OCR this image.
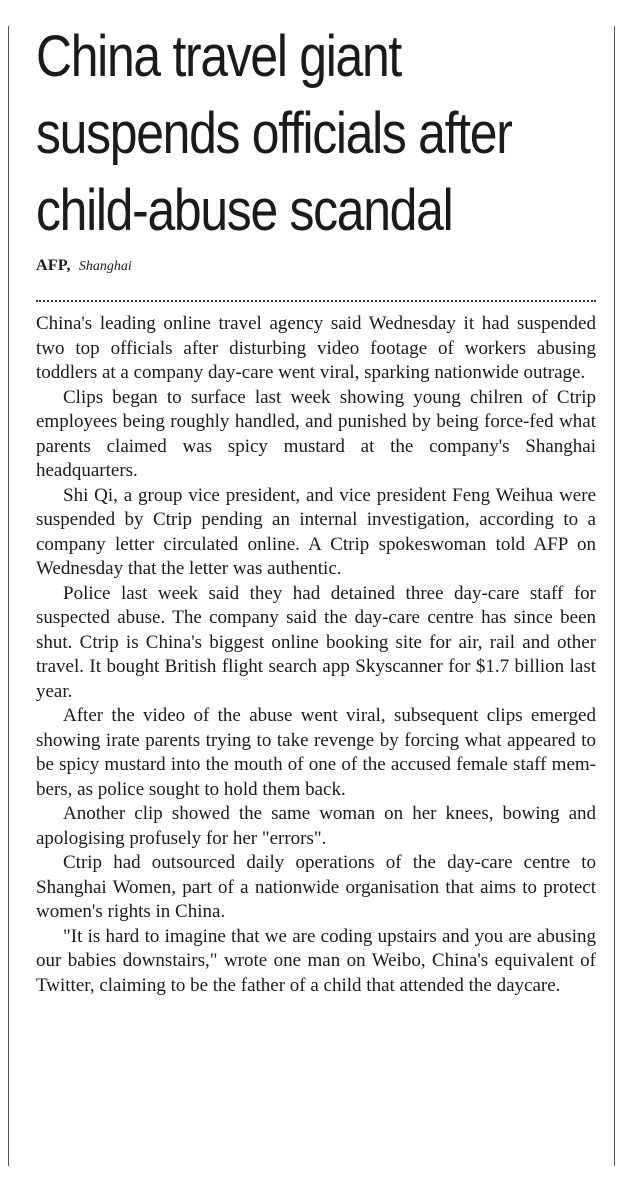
China travel giant
suspends officials after
child-abuse scandal
AFP, Shanghai

China's leading online travel agency said Wednesday it had suspended two top officials after disturbing video footage of workers abusing toddlers at a company day-care went viral, sparking nationwide outrage.

Clips began to surface last week showing young chilren of Ctrip employees being roughly handled, and punished by being force-fed what parents claimed was spicy mustard at the company's Shanghai headquarters.

Shi Qi, a group vice president, and vice president Feng Weihua were suspended by Ctrip pending an internal investigation, according to a company letter circulated online. A Ctrip spokeswoman told AFP on Wednesday that the letter was authentic.

Police last week said they had detained three day-care staff for suspected abuse. The company said the day-care centre has since been shut. Ctrip is China's biggest online booking site for air, rail and other travel. It bought British flight search app Skyscanner for $1.7 billion last year.

After the video of the abuse went viral, subsequent clips emerged showing irate parents trying to take revenge by forcing what appeared to be spicy mustard into the mouth of one of the accused female staff members, as police sought to hold them back.

Another clip showed the same woman on her knees, bowing and apologising profusely for her "errors".

Ctrip had outsourced daily operations of the day-care centre to Shanghai Women, part of a nationwide organisation that aims to protect women's rights in China.

"It is hard to imagine that we are coding upstairs and you are abusing our babies downstairs," wrote one man on Weibo, China's equivalent of Twitter, claiming to be the father of a child that attended the daycare.
